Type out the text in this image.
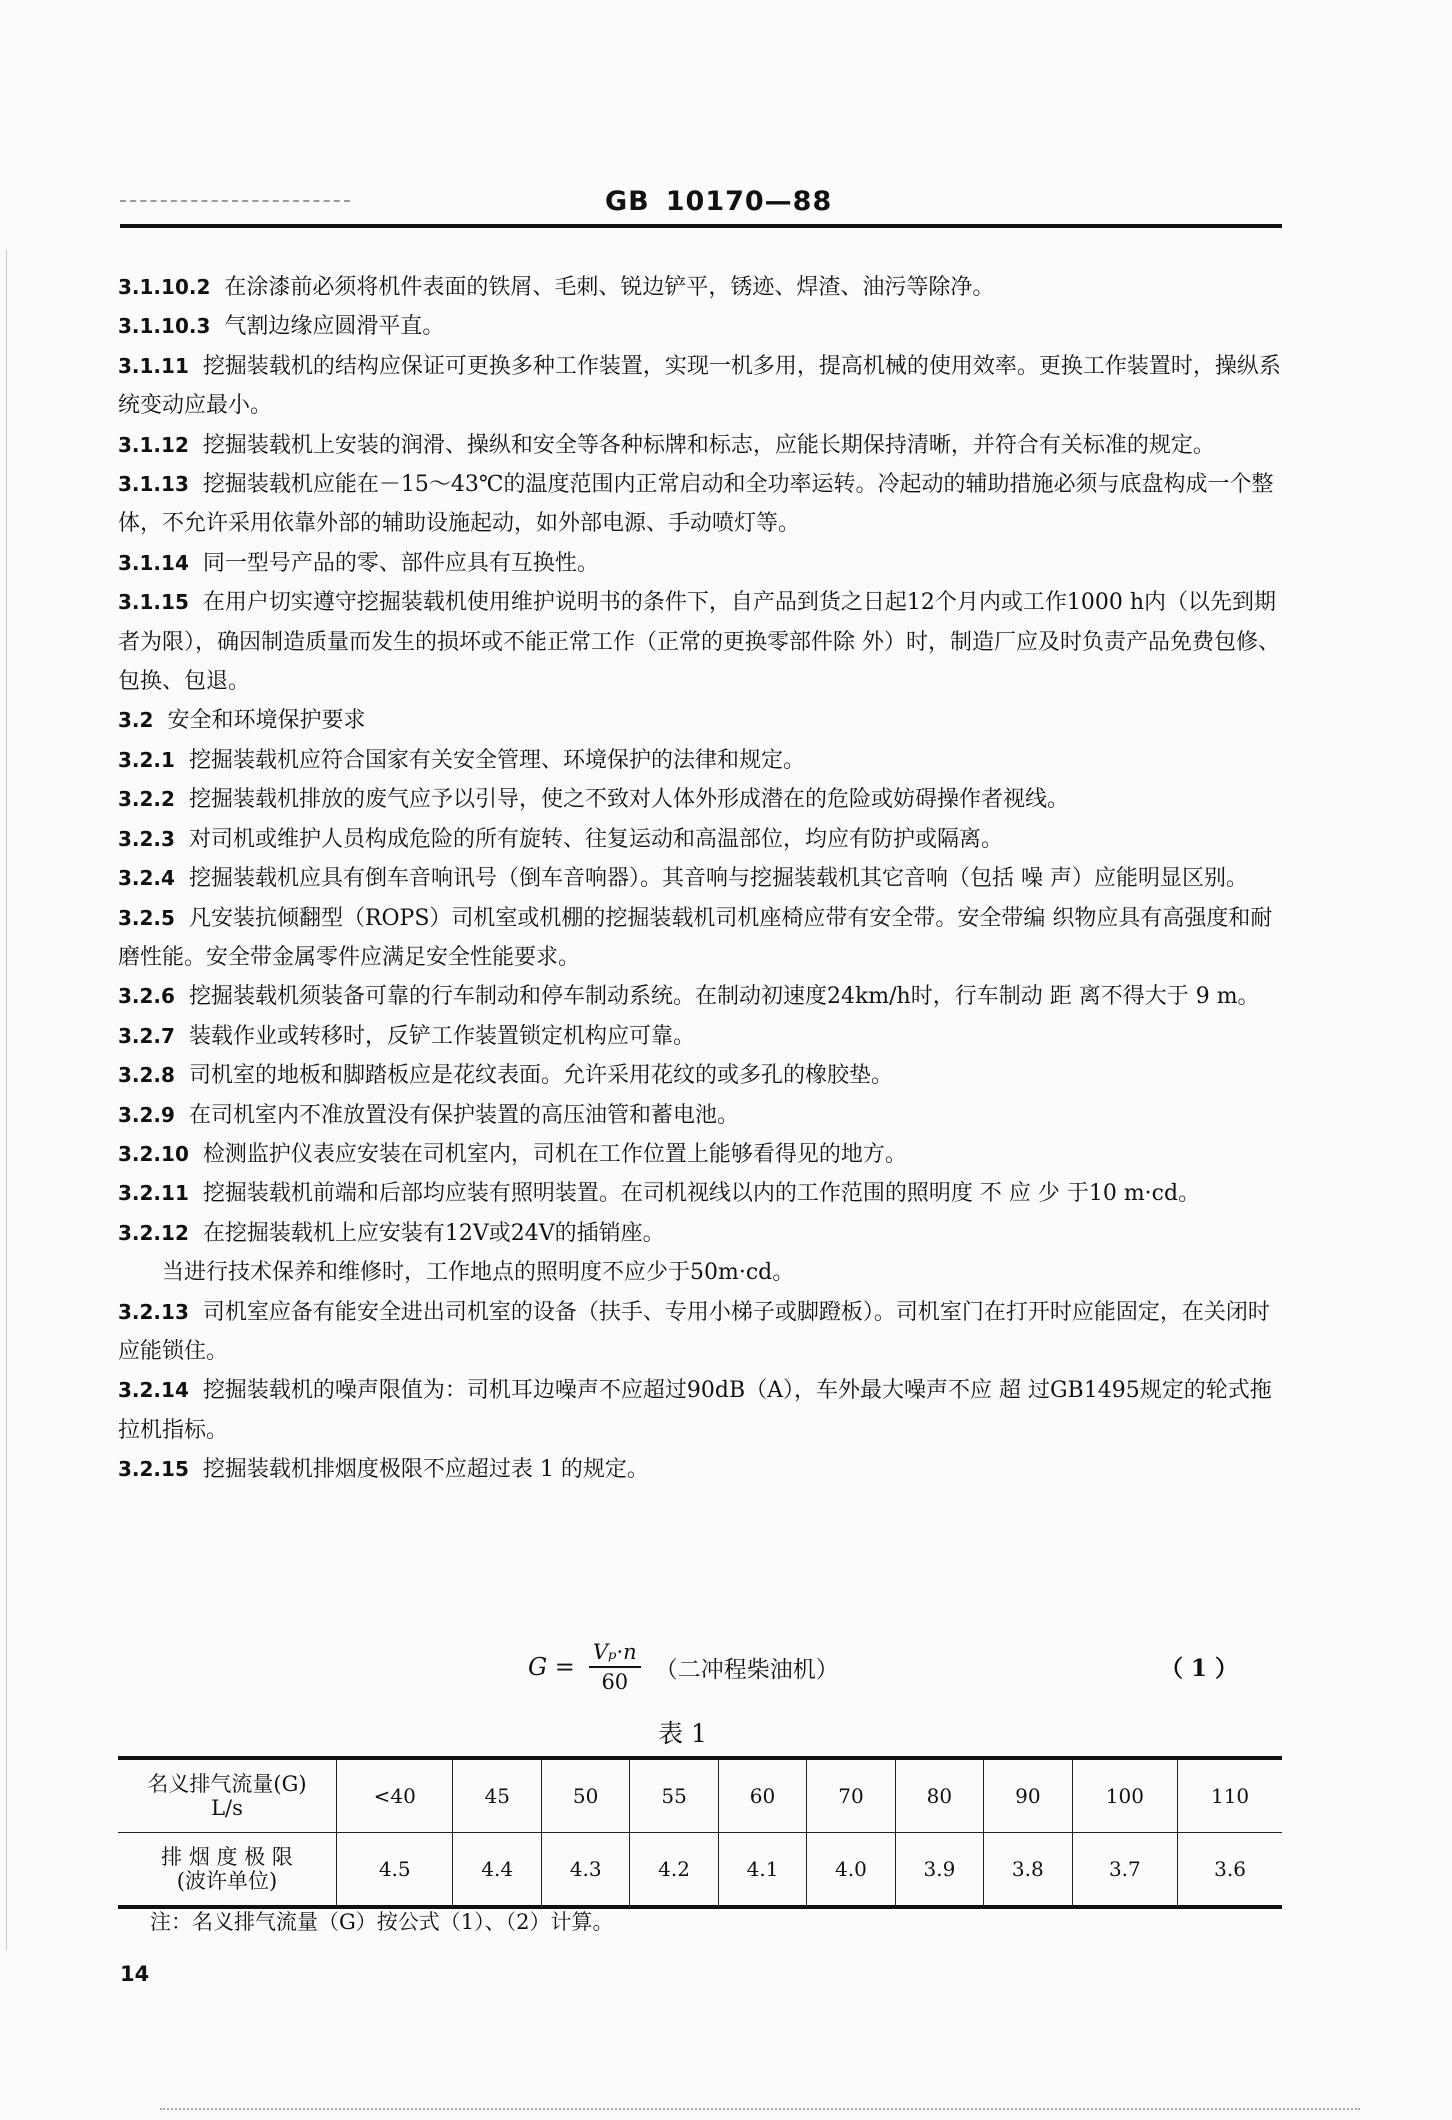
GB 10170—88

3.1.10.2 在涂漆前必须将机件表面的铁屑、毛刺、锐边铲平，锈迹、焊渣、油污等除净。

3.1.10.3 气割边缘应圆滑平直。

3.1.11 挖掘装载机的结构应保证可更换多种工作装置，实现一机多用，提高机械的使用效率。更换工作装置时，操纵系统变动应最小。

3.1.12 挖掘装载机上安装的润滑、操纵和安全等各种标牌和标志，应能长期保持清晰，并符合有关标准的规定。

3.1.13 挖掘装载机应能在－15～43℃的温度范围内正常启动和全功率运转。冷起动的辅助措施必须与底盘构成一个整体，不允许采用依靠外部的辅助设施起动，如外部电源、手动喷灯等。

3.1.14 同一型号产品的零、部件应具有互换性。

3.1.15 在用户切实遵守挖掘装载机使用维护说明书的条件下，自产品到货之日起12个月内或工作1000 h内（以先到期者为限），确因制造质量而发生的损坏或不能正常工作（正常的更换零部件除 外）时，制造厂应及时负责产品免费包修、包换、包退。

3.2 安全和环境保护要求

3.2.1 挖掘装载机应符合国家有关安全管理、环境保护的法律和规定。

3.2.2 挖掘装载机排放的废气应予以引导，使之不致对人体外形成潜在的危险或妨碍操作者视线。

3.2.3 对司机或维护人员构成危险的所有旋转、往复运动和高温部位，均应有防护或隔离。

3.2.4 挖掘装载机应具有倒车音响讯号（倒车音响器）。其音响与挖掘装载机其它音响（包括 噪 声）应能明显区别。

3.2.5 凡安装抗倾翻型（ROPS）司机室或机棚的挖掘装载机司机座椅应带有安全带。安全带编 织物应具有高强度和耐磨性能。安全带金属零件应满足安全性能要求。

3.2.6 挖掘装载机须装备可靠的行车制动和停车制动系统。在制动初速度24km/h时，行车制动 距 离不得大于 9 m。

3.2.7 装载作业或转移时，反铲工作装置锁定机构应可靠。

3.2.8 司机室的地板和脚踏板应是花纹表面。允许采用花纹的或多孔的橡胶垫。

3.2.9 在司机室内不准放置没有保护装置的高压油管和蓄电池。

3.2.10 检测监护仪表应安装在司机室内，司机在工作位置上能够看得见的地方。

3.2.11 挖掘装载机前端和后部均应装有照明装置。在司机视线以内的工作范围的照明度 不 应 少 于10 m·cd。

3.2.12 在挖掘装载机上应安装有12V或24V的插销座。

当进行技术保养和维修时，工作地点的照明度不应少于50m·cd。

3.2.13 司机室应备有能安全进出司机室的设备（扶手、专用小梯子或脚蹬板）。司机室门在打开时应能固定，在关闭时应能锁住。

3.2.14 挖掘装载机的噪声限值为：司机耳边噪声不应超过90dB（A），车外最大噪声不应 超 过GB1495规定的轮式拖拉机指标。

3.2.15 挖掘装载机排烟度极限不应超过表 1 的规定。

$G = \frac{\text{Vₚ·n}}{60}$ （二冲程柴油机）	（ 1 ）
表 1
名义排气流量(G)
L/s	<40	45	50	55	60	70	80	90	100	110

排 烟 度 极 限
(波许单位)	4.5	4.4	4.3	4.2	4.1	4.0	3.9	3.8	3.7	3.6
注：名义排气流量（G）按公式（1）、（2）计算。
14
